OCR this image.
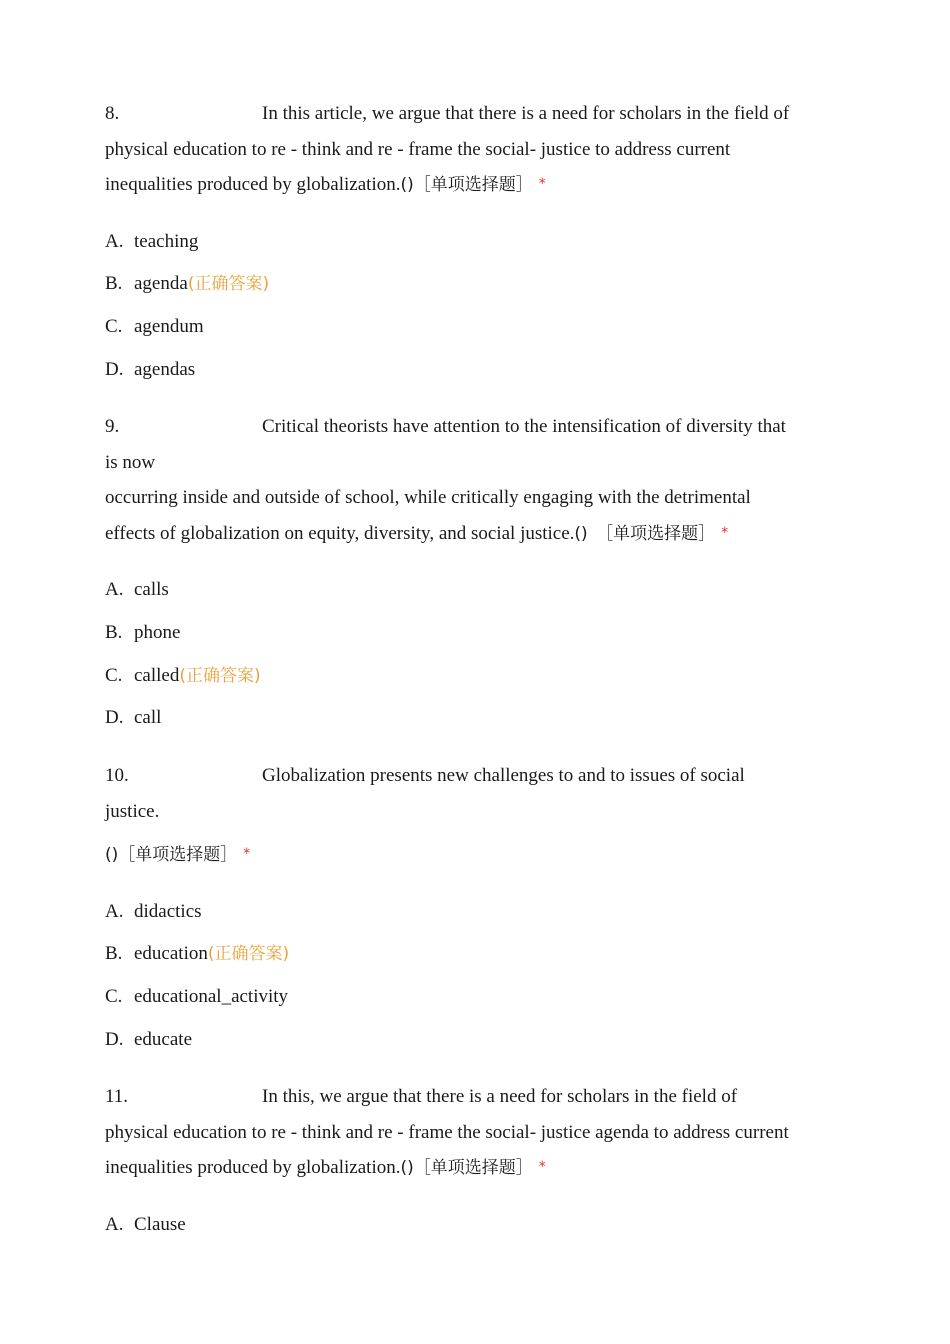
8.	In this article, we argue that there is a need for scholars in the field of
physical education to re - think and re - frame the social- justice to address current
inequalities produced by globalization.()［单项选择题］ *
A. teaching
B. agenda(正确答案)
C. agendum
D. agendas
9.	Critical theorists have attention to the intensification of diversity that
is now
occurring inside and outside of school, while critically engaging with the detrimental
effects of globalization on equity, diversity, and social justice.()　［单项选择题］ *
A. calls
B. phone
C. called(正确答案)
D. call
10.	Globalization presents new challenges to and to issues of social
justice.
()［单项选择题］ *
A. didactics
B. education(正确答案)
C. educational_activity
D. educate
11.	In this, we argue that there is a need for scholars in the field of
physical education to re - think and re - frame the social- justice agenda to address current
inequalities produced by globalization.()［单项选择题］ *
A. Clause
